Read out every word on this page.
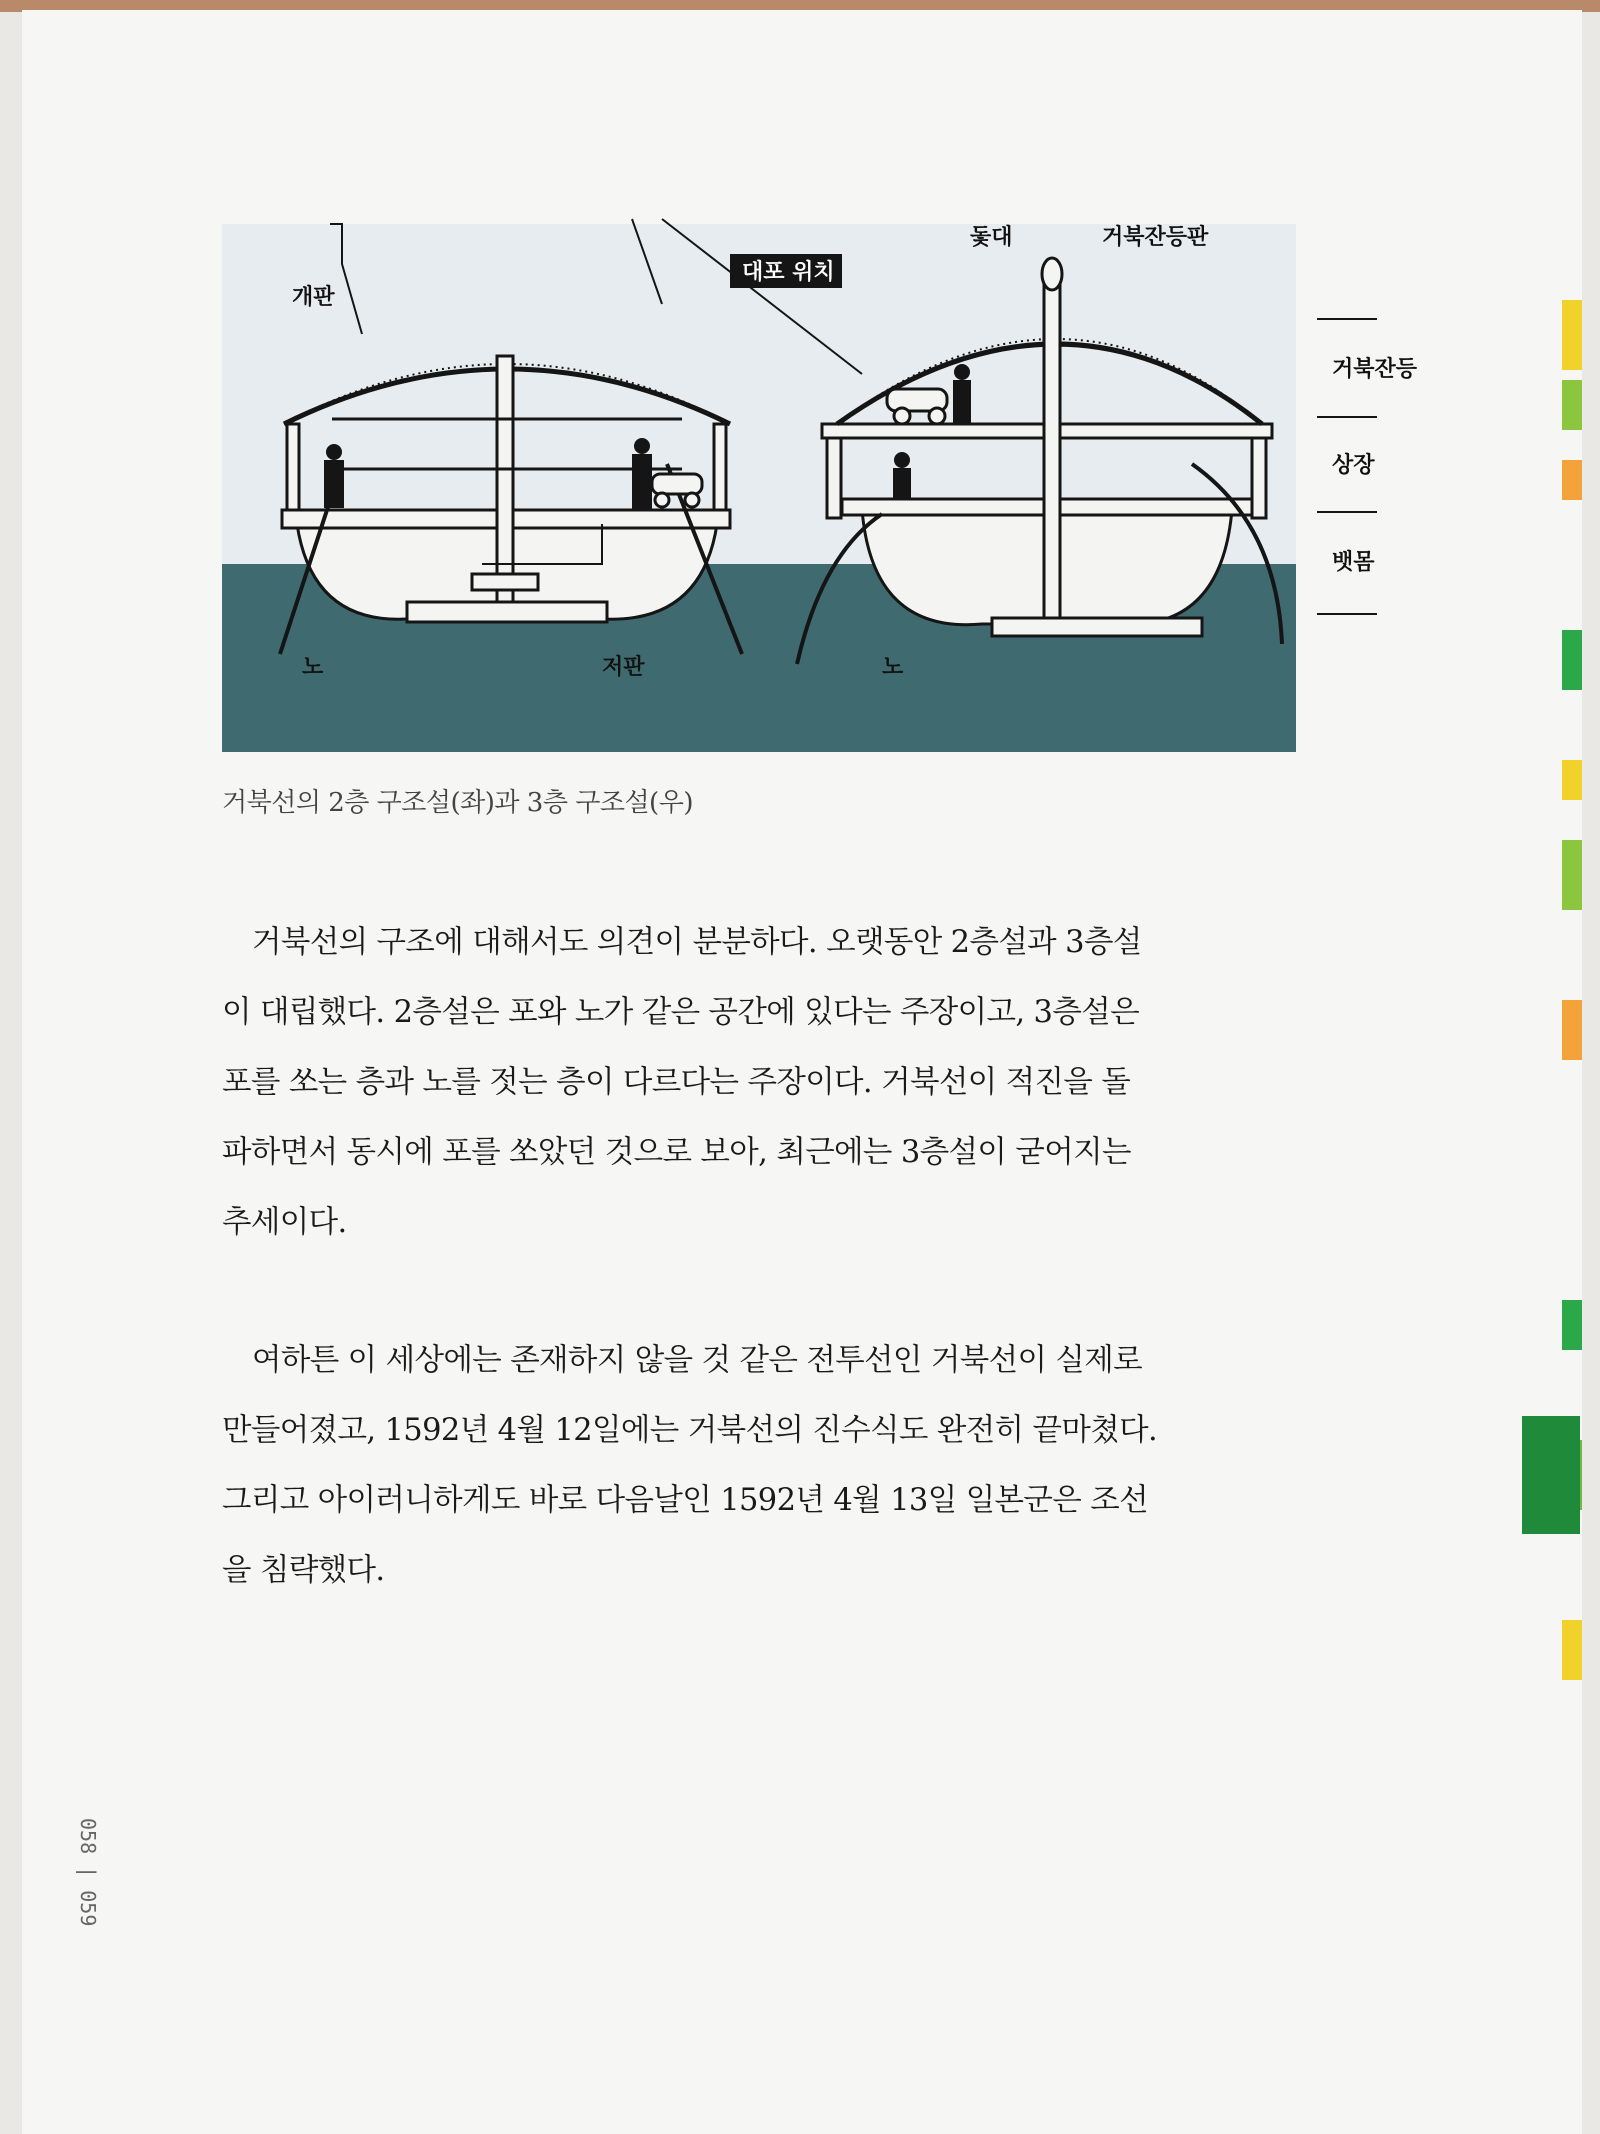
대포 위치
개판
돛대	거북잔등판
노	저판	노
거북잔등
상장
뱃몸
거북선의 2층 구조설(좌)과 3층 구조설(우)
거북선의 구조에 대해서도 의견이 분분하다. 오랫동안 2층설과 3층설
이 대립했다. 2층설은 포와 노가 같은 공간에 있다는 주장이고, 3층설은
포를 쏘는 층과 노를 젓는 층이 다르다는 주장이다. 거북선이 적진을 돌
파하면서 동시에 포를 쏘았던 것으로 보아, 최근에는 3층설이 굳어지는
추세이다.
여하튼 이 세상에는 존재하지 않을 것 같은 전투선인 거북선이 실제로
만들어졌고, 1592년 4월 12일에는 거북선의 진수식도 완전히 끝마쳤다.
그리고 아이러니하게도 바로 다음날인 1592년 4월 13일 일본군은 조선
을 침략했다.
058 | 059
